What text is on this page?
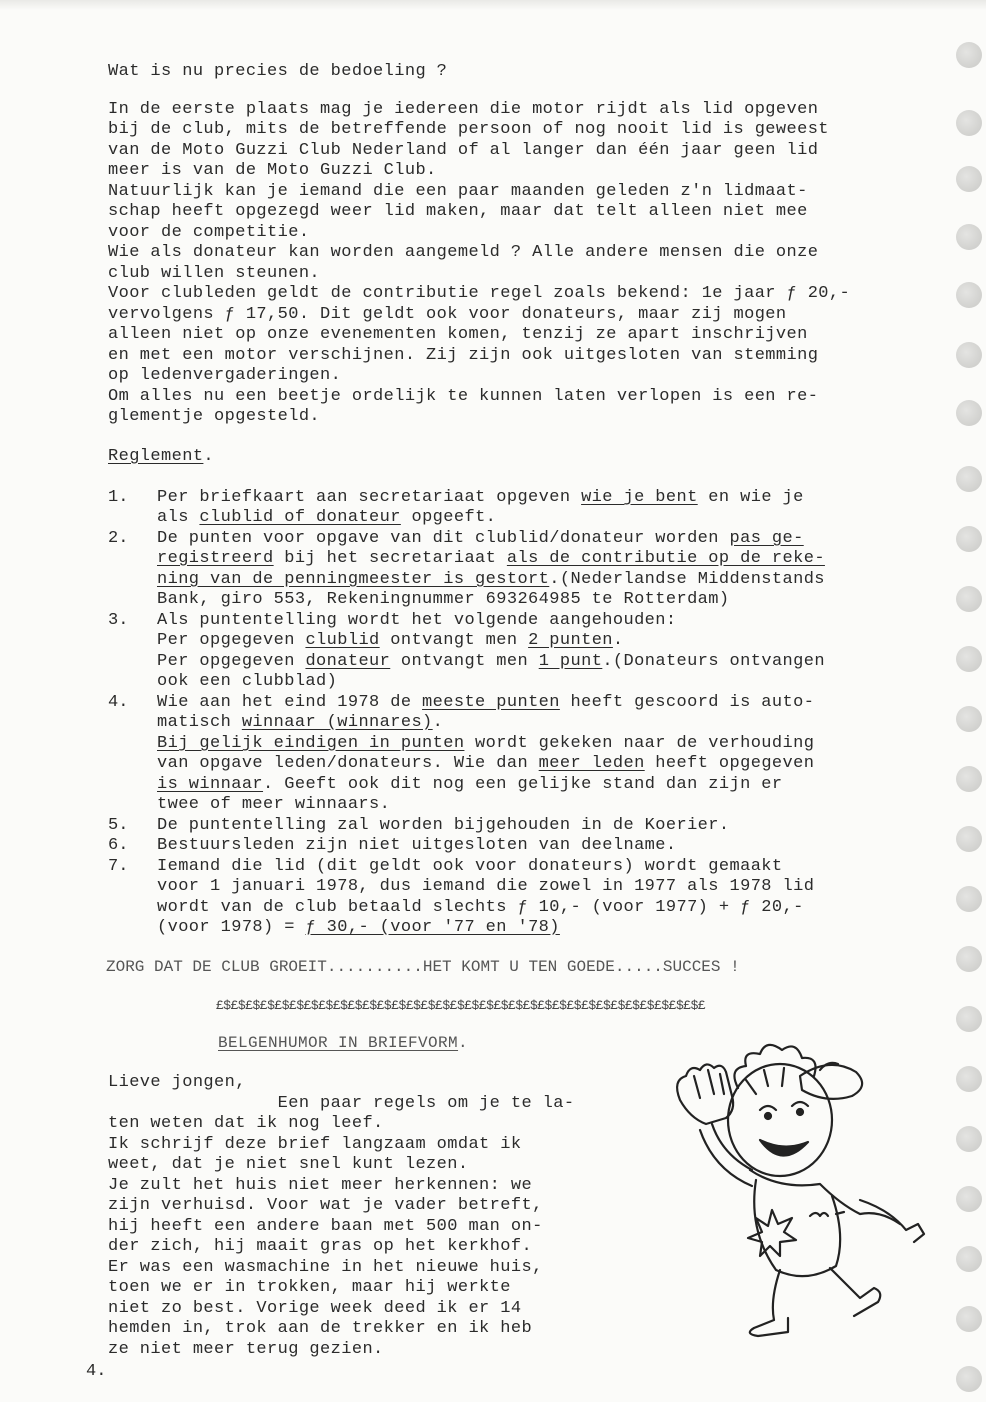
Wat is nu precies de bedoeling ?
In de eerste plaats mag je iedereen die motor rijdt als lid opgeven
bij de club, mits de betreffende persoon of nog nooit lid is geweest
van de Moto Guzzi Club Nederland of al langer dan één jaar geen lid
meer is van de Moto Guzzi Club.
Natuurlijk kan je iemand die een paar maanden geleden z'n lidmaat-
schap heeft opgezegd weer lid maken, maar dat telt alleen niet mee
voor de competitie.
Wie als donateur kan worden aangemeld ? Alle andere mensen die onze
club willen steunen.
Voor clubleden geldt de contributie regel zoals bekend: 1e jaar ƒ 20,-
vervolgens ƒ 17,50. Dit geldt ook voor donateurs, maar zij mogen
alleen niet op onze evenementen komen, tenzij ze apart inschrijven
en met een motor verschijnen. Zij zijn ook uitgesloten van stemming
op ledenvergaderingen.
Om alles nu een beetje ordelijk te kunnen laten verlopen is een re-
glementje opgesteld.
Reglement.
1. Per briefkaart aan secretariaat opgeven wie je bent en wie je
als clublid of donateur opgeeft.
2. De punten voor opgave van dit clublid/donateur worden pas ge-
registreerd bij het secretariaat als de contributie op de reke-
ning van de penningmeester is gestort.(Nederlandse Middenstands
Bank, giro 553, Rekeningnummer 693264985 te Rotterdam)
3. Als puntentelling wordt het volgende aangehouden:
Per opgegeven clublid ontvangt men 2 punten.
Per opgegeven donateur ontvangt men 1 punt.(Donateurs ontvangen
ook een clubblad)
4. Wie aan het eind 1978 de meeste punten heeft gescoord is auto-
matisch winnaar (winnares).
Bij gelijk eindigen in punten wordt gekeken naar de verhouding
van opgave leden/donateurs. Wie dan meer leden heeft opgegeven
is winnaar. Geeft ook dit nog een gelijke stand dan zijn er
twee of meer winnaars.
5. De puntentelling zal worden bijgehouden in de Koerier.
6. Bestuursleden zijn niet uitgesloten van deelname.
7. Iemand die lid (dit geldt ook voor donateurs) wordt gemaakt
voor 1 januari 1978, dus iemand die zowel in 1977 als 1978 lid
wordt van de club betaald slechts ƒ 10,- (voor 1977) + ƒ 20,-
(voor 1978) = ƒ 30,- (voor '77 en '78)
ZORG DAT DE CLUB GROEIT..........HET KOMT U TEN GOEDE.....SUCCES !
£$£$£$£$£$£$£$£$£$£$£$£$£$£$£$£$£$£$£$£$£$£$£$£$£$£$£$£$£$£$£$£$£$£
BELGENHUMOR IN BRIEFVORM.
Lieve jongen,
Een paar regels om je te la-
ten weten dat ik nog leef.
Ik schrijf deze brief langzaam omdat ik
weet, dat je niet snel kunt lezen.
Je zult het huis niet meer herkennen: we
zijn verhuisd. Voor wat je vader betreft,
hij heeft een andere baan met 500 man on-
der zich, hij maait gras op het kerkhof.
Er was een wasmachine in het nieuwe huis,
toen we er in trokken, maar hij werkte
niet zo best. Vorige week deed ik er 14
hemden in, trok aan de trekker en ik heb
ze niet meer terug gezien.
4.
